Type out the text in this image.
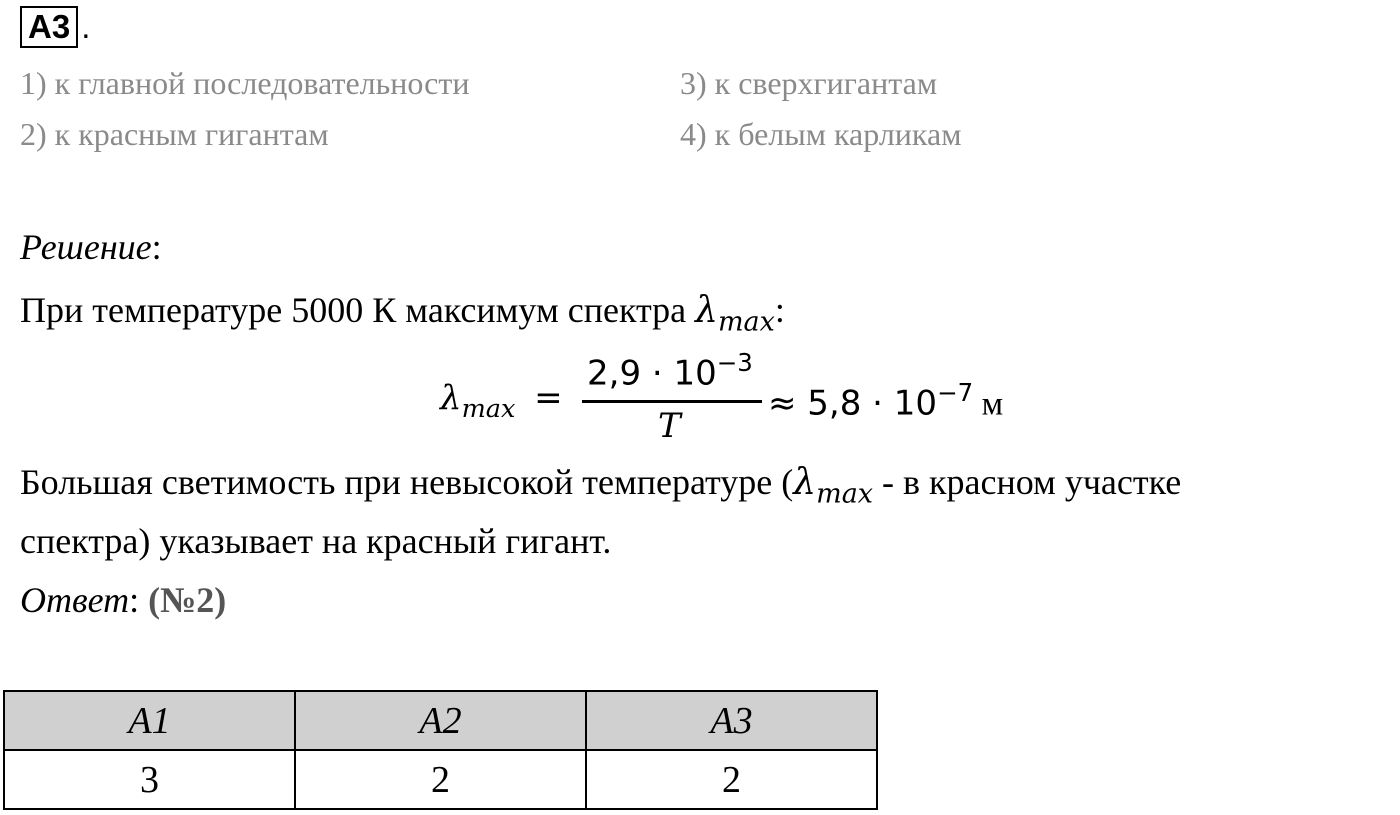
А3 .
1) к главной последовательности
2) к красным гигантам
3) к сверхгигантам
4) к белым карликам
Решение:
При температуре 5000 К максимум спектра $\lambda_{max}$:
$\lambda_{max}$ =
$2,9 \cdot 10^{-3}$
T
≈ $5,8 \cdot 10^{-7}$ м
Большая светимость при невысокой температуре ($\lambda_{max}$ - в красном участке
спектра) указывает на красный гигант.
Ответ: (№2)
А1	А2	А3
3	2	2
